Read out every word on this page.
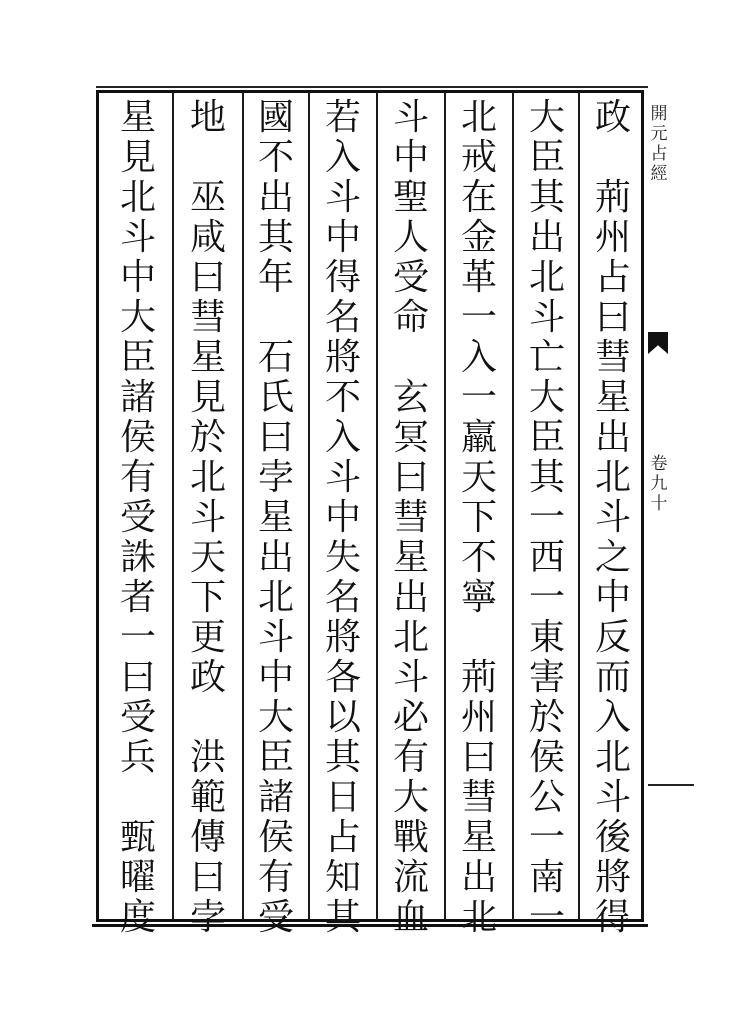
政

荊
州
占
曰
彗
星
出
北
斗
之
中
反
而
入
北
斗
後
將
得
大
臣
其
出
北
斗
亡
大
臣
其
一
西
一
東
害
於
侯
公
一
南
一
北
戒
在
金
革
一
入
一
羸
天
下
不
寧

荊
州
曰
彗
星
出
北
斗
中
聖
人
受
命

玄
冥
曰
彗
星
出
北
斗
必
有
大
戰
流
血
若
入
斗
中
得
名
將
不
入
斗
中
失
名
將
各
以
其
日
占
知
其
國
不
出
其
年

石
氏
曰
孛
星
出
北
斗
中
大
臣
諸
侯
有
受
地

巫
咸
曰
彗
星
見
於
北
斗
天
下
更
政

洪
範
傳
曰
孛
星
見
北
斗
中
大
臣
諸
侯
有
受
誅
者
一
曰
受
兵

甄
曜
度
開
元
占
經
卷
九
十
